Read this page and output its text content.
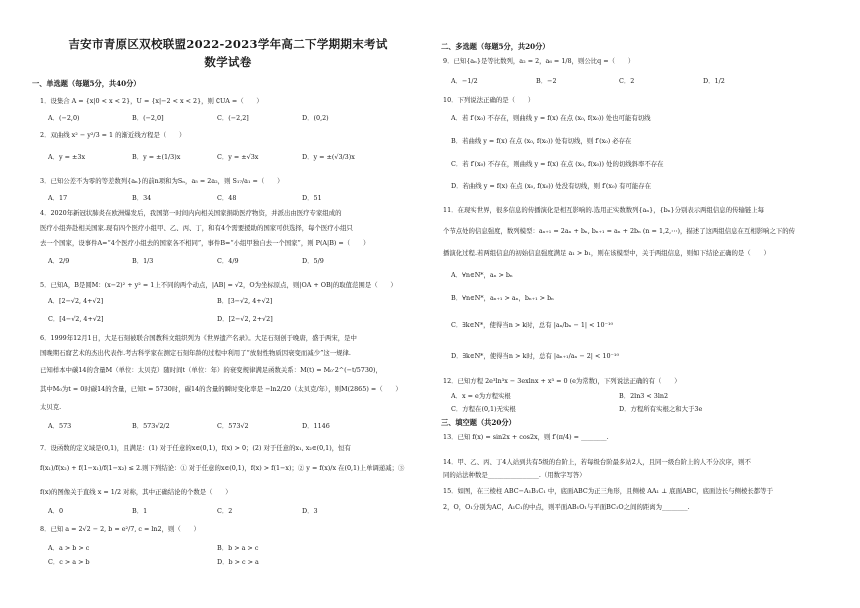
吉安市青原区双校联盟2022-2023学年高二下学期期末考试
数学试卷
一、单选题（每题5分，共40分）
1．设集合 A = {x|0 < x < 2}，U = {x|−2 < x < 2}，则 ∁UA =（　　）
A．(−2,0)	B．(−2,0]	C．(−2,2]	D．(0,2)
2．双曲线 x² − y²/3 = 1 的渐近线方程是（　　）
A．y = ±3x	B．y = ±(1/3)x	C．y = ±√3x	D．y = ±(√3/3)x
3．已知公差不为零的等差数列{aₙ}的前n项和为Sₙ，a₅ = 2a₂，则 S₁₇/a₁ =（　　）
A．17	B．34	C．48	D．51
4．2020年新冠状肺炎在欧洲爆发后，我国第一时间内向相关国家捐助医疗物资，并派出由医疗专家组成的
医疗小组奔赴相关国家.现有四个医疗小组甲、乙、丙、丁，和有4个需要援助的国家可供选择，每个医疗小组只
去一个国家，设事件A=“4个医疗小组去的国家各不相同”，事件B=“小组甲独自去一个国家”，则 P(A|B) =（　　）
A．2/9	B．1/3	C．4/9	D．5/9
5．已知A，B是圆M：(x−2)² + y² = 1上不同的两个动点，|AB| = √2，O为坐标原点，则|OA + OB|的取值范围是（　　）
A．[2−√2, 4+√2]	B．[3−√2, 4+√2]
C．[4−√2, 4+√2]	D．[2−√2, 2+√2]
6．1999年12月1日，大足石刻被联合国教科文组织列为《世界遗产名录》。大足石刻创于晚唐，盛于两宋，是中
国晚期石窟艺术的杰出代表作.考古科学家在测定石刻年龄的过程中利用了“放射性物质因衰变而减少”这一规律.
已知样本中碳14的含量M（单位：太贝克）随时间t（单位：年）的衰变规律满足函数关系：M(t) = M₀·2^(−t/5730)，
其中M₀为t = 0时碳14的含量，已知t = 5730时，碳14的含量的瞬时变化率是 −ln2/20（太贝克/年），则M(2865) =（　　）
太贝克.
A．573	B．573√2/2	C．573√2	D．1146
7．设函数的定义域是(0,1)，且满足：(1) 对于任意的x∈(0,1)，f(x) > 0；(2) 对于任意的x₁, x₂∈(0,1)，恒有
f(x₁)/f(x₂) + f(1−x₁)/f(1−x₂) ≤ 2.则下列结论：① 对于任意的x∈(0,1)，f(x) > f(1−x)；② y = f(x)/x 在(0,1)上单调递减；③
f(x)的图像关于直线 x = 1/2 对称，其中正确结论的个数是（　　）
A．0	B．1	C．2	D．3
8．已知 a = 2√2 − 2, b = e²/7, c = ln2，则（　　）
A．a > b > c	B．b > a > c
C．c > a > b	D．b > c > a
二、多选题（每题5分，共20分）
9．已知{aₙ}是等比数列，a₂ = 2，a₆ = 1/8，则公比q =（　　）
A．−1/2	B．−2	C．2	D．1/2
10．下列说法正确的是（　　）
A．若 f′(x₀) 不存在，则曲线 y = f(x) 在点 (x₀, f(x₀)) 处也可能有切线
B．若曲线 y = f(x) 在点 (x₀, f(x₀)) 处有切线，则 f′(x₀) 必存在
C．若 f′(x₀) 不存在，则曲线 y = f(x) 在点 (x₀, f(x₀)) 处的切线斜率不存在
D．若曲线 y = f(x) 在点 (x₀, f(x₀)) 处没有切线，则 f′(x₀) 有可能存在
11．在现实世界，很多信息的传播演化是相互影响的.选用正实数数列{aₙ}，{bₙ}分别表示两组信息的传输链上每
个节点处的信息强度，数列模型：aₙ₊₁ = 2aₙ + bₙ, bₙ₊₁ = aₙ + 2bₙ (n = 1,2,⋯)，描述了这两组信息在互相影响之下的传
播演化过程.若两组信息的初始信息强度满足 a₁ > b₁，则在该模型中，关于两组信息，则如下结论正确的是（　　）
A．∀n∈N*，aₙ > bₙ
B．∀n∈N*，aₙ₊₁ > aₙ，bₙ₊₁ > bₙ
C．∃k∈N*，使得当n > k时，总有 |aₙ/bₙ − 1| < 10⁻¹⁰
D．∃k∈N*，使得当n > k时，总有 |aₙ₊₁/aₙ − 2| < 10⁻¹⁰
12．已知方程 2e³ln³x − 3exlnx + x³ = 0 (e为常数)，下列说法正确的有（　　）
A．x = e为方程实根	B．2ln3 < 3ln2
C．方程在(0,1)无实根	D．方程所有实根之和大于3e
三、填空题（共20分）
13．已知 f(x) = sin2x + cos2x，则 f′(π/4) = ________.
14．甲、乙、丙、丁4人站到共有5级的台阶上，若每级台阶最多站2人，且同一级台阶上的人不分次序，则不
同的站法种数是________________.（用数字写答）
15．如图，在三棱柱 ABC−A₁B₁C₁ 中，底面ABC为正三角形，且侧棱 AA₁ ⊥ 底面ABC，底面边长与侧棱长都等于
2，O，O₁分别为AC，A₁C₁的中点，则平面AB₁O₁与平面BC₁O之间的距离为________.
